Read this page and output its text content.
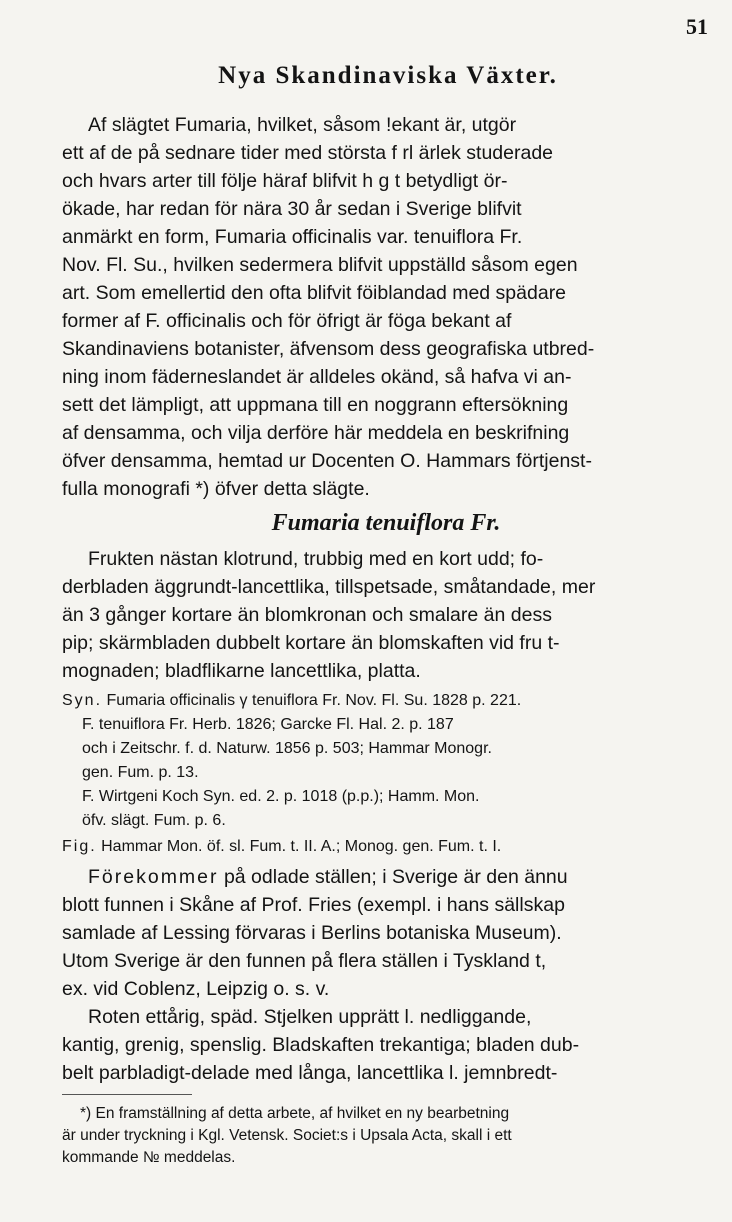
51
Nya Skandinaviska Växter.
Af slägtet Fumaria, hvilket, såsom !ekant är, utgör
ett af de på sednare tider med största f rl ärlek studerade
och hvars arter till följe häraf blifvit h g t betydligt ör-
ökade, har redan för nära 30 år sedan i Sverige blifvit
anmärkt en form, Fumaria officinalis var. tenuiflora Fr.
Nov. Fl. Su., hvilken sedermera blifvit uppställd såsom egen
art. Som emellertid den ofta blifvit föiblandad med spädare
former af F. officinalis och för öfrigt är föga bekant af
Skandinaviens botanister, äfvensom dess geografiska utbred-
ning inom fäderneslandet är alldeles okänd, så hafva vi an-
sett det lämpligt, att uppmana till en noggrann eftersökning
af densamma, och vilja derföre här meddela en beskrifning
öfver densamma, hemtad ur Docenten O. Hammars förtjenst-
fulla monografi *) öfver detta slägte.
Fumaria tenuiflora Fr.
Frukten nästan klotrund, trubbig med en kort udd; fo-
derbladen äggrundt-lancettlika, tillspetsade, småtandade, mer
än 3 gånger kortare än blomkronan och smalare än dess
pip; skärmbladen dubbelt kortare än blomskaften vid fru t-
mognaden; bladflikarne lancettlika, platta.
Syn. Fumaria officinalis γ tenuiflora Fr. Nov. Fl. Su. 1828 p. 221.
F. tenuiflora Fr. Herb. 1826; Garcke Fl. Hal. 2. p. 187
och i Zeitschr. f. d. Naturw. 1856 p. 503; Hammar Monogr.
gen. Fum. p. 13.
F. Wirtgeni Koch Syn. ed. 2. p. 1018 (p.p.); Hamm. Mon.
öfv. slägt. Fum. p. 6.
Fig. Hammar Mon. öf. sl. Fum. t. II. A.; Monog. gen. Fum. t. I.
Förekommer på odlade ställen; i Sverige är den ännu
blott funnen i Skåne af Prof. Fries (exempl. i hans sällskap
samlade af Lessing förvaras i Berlins botaniska Museum).
Utom Sverige är den funnen på flera ställen i Tyskland t,
ex. vid Coblenz, Leipzig o. s. v.
Roten ettårig, späd. Stjelken upprätt l. nedliggande,
kantig, grenig, spenslig. Bladskaften trekantiga; bladen dub-
belt parbladigt-delade med långa, lancettlika l. jemnbredt-
*) En framställning af detta arbete, af hvilket en ny bearbetning
är under tryckning i Kgl. Vetensk. Societ:s i Upsala Acta, skall i ett
kommande № meddelas.
